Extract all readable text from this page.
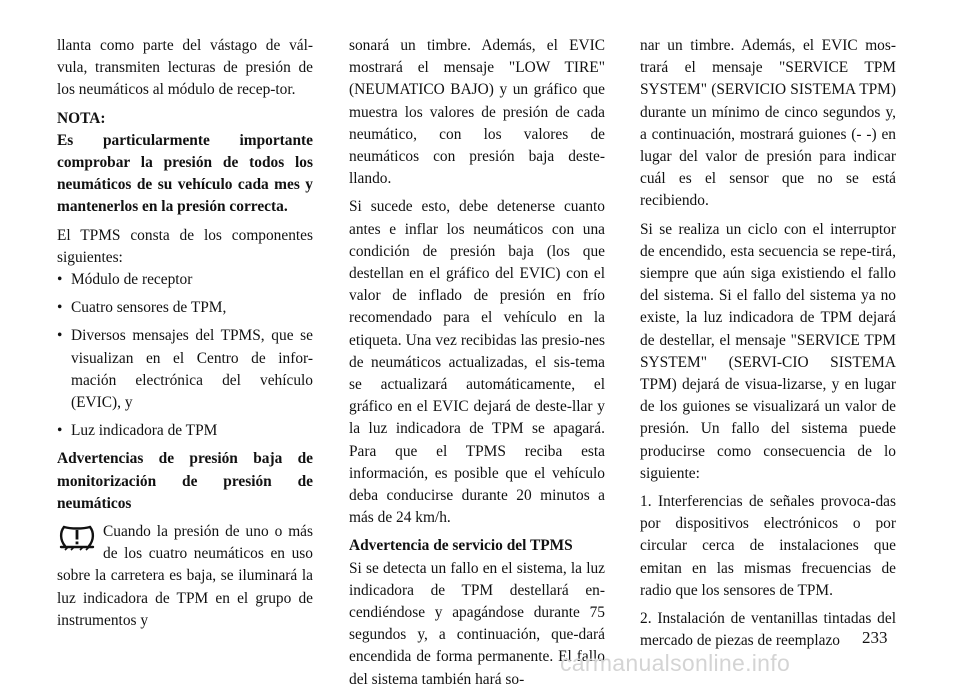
llanta como parte del vástago de vál-vula, transmiten lecturas de presión de los neumáticos al módulo de recep-tor.

NOTA:

Es particularmente importante comprobar la presión de todos los neumáticos de su vehículo cada mes y mantenerlos en la presión correcta.

El TPMS consta de los componentes siguientes:

• Módulo de receptor
• Cuatro sensores de TPM,
• Diversos mensajes del TPMS, que se visualizan en el Centro de infor-mación electrónica del vehículo (EVIC), y
• Luz indicadora de TPM

Advertencias de presión baja de monitorización de presión de neumáticos

Cuando la presión de uno o más de los cuatro neumáticos en uso sobre la carretera es baja, se iluminará la luz indicadora de TPM en el grupo de instrumentos y

sonará un timbre. Además, el EVIC mostrará el mensaje "LOW TIRE" (NEUMATICO BAJO) y un gráfico que muestra los valores de presión de cada neumático, con los valores de neumáticos con presión baja deste-llando.

Si sucede esto, debe detenerse cuanto antes e inflar los neumáticos con una condición de presión baja (los que destellan en el gráfico del EVIC) con el valor de inflado de presión en frío recomendado para el vehículo en la etiqueta. Una vez recibidas las presio-nes de neumáticos actualizadas, el sis-tema se actualizará automáticamente, el gráfico en el EVIC dejará de deste-llar y la luz indicadora de TPM se apagará. Para que el TPMS reciba esta información, es posible que el vehículo deba conducirse durante 20 minutos a más de 24 km/h.

Advertencia de servicio del TPMS

Si se detecta un fallo en el sistema, la luz indicadora de TPM destellará en-cendiéndose y apagándose durante 75 segundos y, a continuación, que-dará encendida de forma permanente. El fallo del sistema también hará so-

nar un timbre. Además, el EVIC mos-trará el mensaje "SERVICE TPM SYSTEM" (SERVICIO SISTEMA TPM) durante un mínimo de cinco segundos y, a continuación, mostrará guiones (- -) en lugar del valor de presión para indicar cuál es el sensor que no se está recibiendo.

Si se realiza un ciclo con el interruptor de encendido, esta secuencia se repe-tirá, siempre que aún siga existiendo el fallo del sistema. Si el fallo del sistema ya no existe, la luz indicadora de TPM dejará de destellar, el mensaje "SERVICE TPM SYSTEM" (SERVI-CIO SISTEMA TPM) dejará de visua-lizarse, y en lugar de los guiones se visualizará un valor de presión. Un fallo del sistema puede producirse como consecuencia de lo siguiente:

1. Interferencias de señales provoca-das por dispositivos electrónicos o por circular cerca de instalaciones que emitan en las mismas frecuencias de radio que los sensores de TPM.
2. Instalación de ventanillas tintadas del mercado de piezas de reemplazo	233
carmanualsonline.info
